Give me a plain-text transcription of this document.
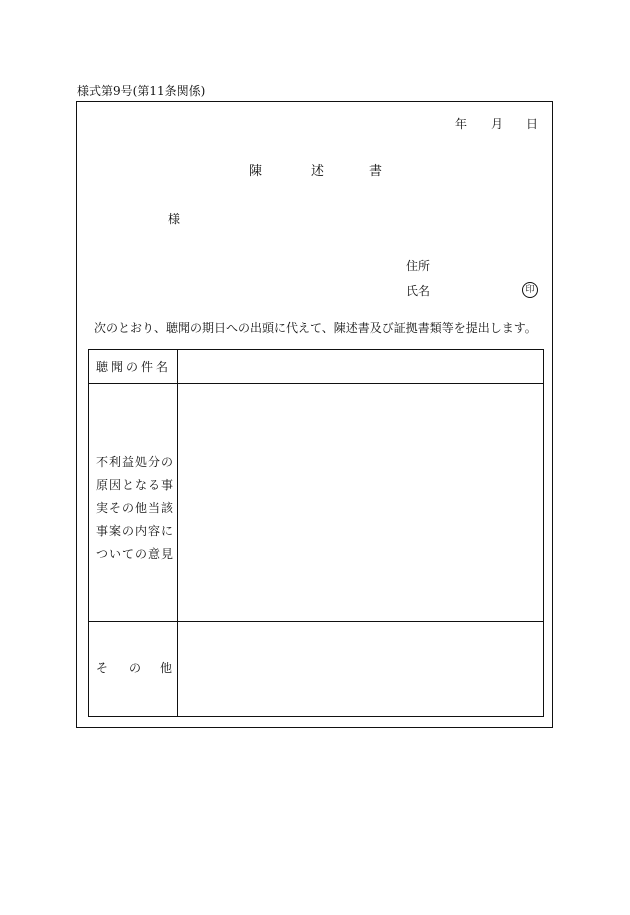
様式第9号(第11条関係)
年 月 日
陳	述	書
様
住所
氏名	印
次のとおり、聴聞の期日への出頭に代えて、陳述書及び証拠書類等を提出します。
聴聞の件名
不利益処分の原因となる事実その他当該事案の内容についての意見
そ の 他
